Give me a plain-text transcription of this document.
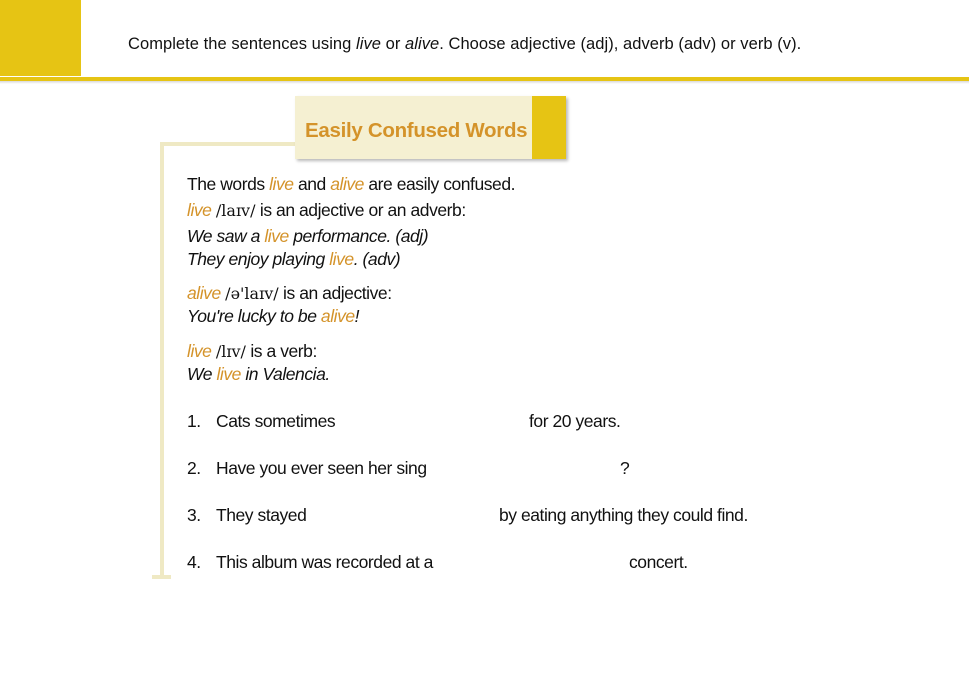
Complete the sentences using live or alive. Choose adjective (adj), adverb (adv) or verb (v).
Easily Confused Words
The words live and alive are easily confused.
live /laɪv/ is an adjective or an adverb:
We saw a live performance. (adj)
They enjoy playing live. (adv)
alive /ə'laɪv/ is an adjective:
You're lucky to be alive!
live /lɪv/ is a verb:
We live in Valencia.
1. Cats sometimes	for 20 years.
2. Have you ever seen her sing	?
3. They stayed	by eating anything they could find.
4. This album was recorded at a	concert.
